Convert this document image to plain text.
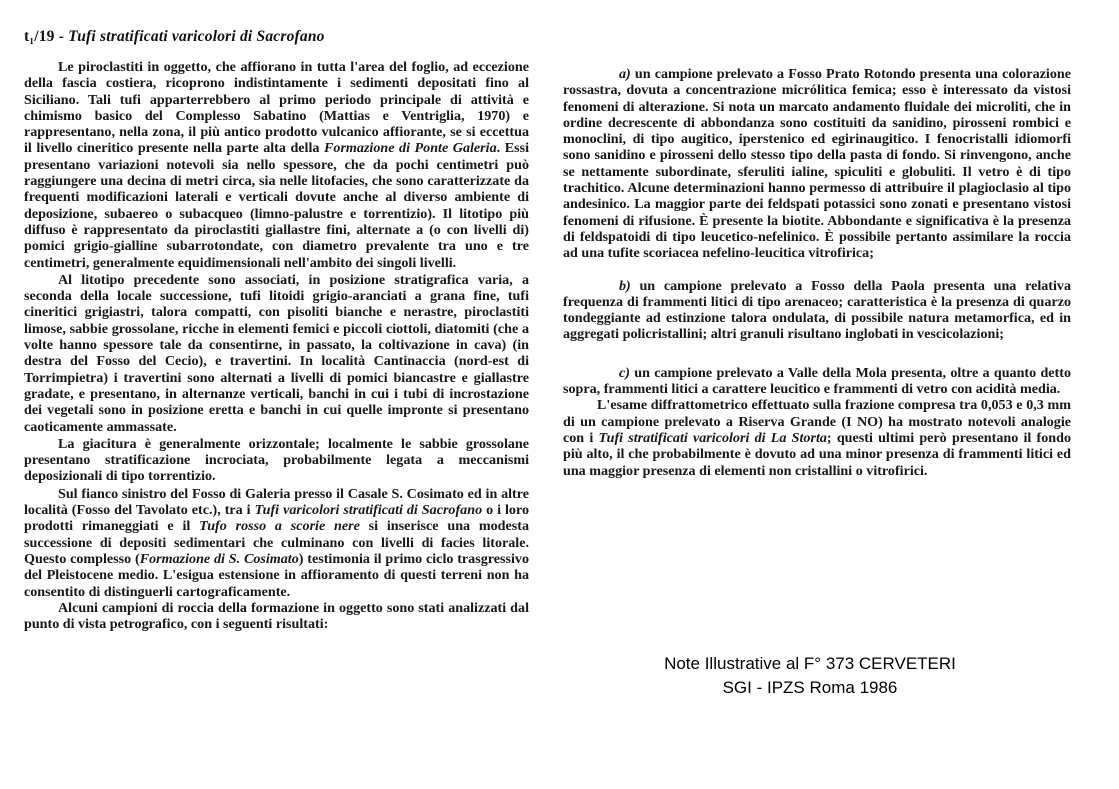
t₁/19 - Tufi stratificati varicolori di Sacrofano

Le piroclastiti in oggetto, che affiorano in tutta l'area del foglio, ad eccezione della fascia costiera, ricoprono indistintamente i sedimenti depositati fino al Siciliano. Tali tufi apparterrebbero al primo periodo principale di attività e chimismo basico del Complesso Sabatino (Mattias e Ventriglia, 1970) e rappresentano, nella zona, il più antico prodotto vulcanico affiorante, se si eccettua il livello cineritico presente nella parte alta della Formazione di Ponte Galeria. Essi presentano variazioni notevoli sia nello spessore, che da pochi centimetri può raggiungere una decina di metri circa, sia nelle litofacies, che sono caratterizzate da frequenti modificazioni laterali e verticali dovute anche al diverso ambiente di deposizione, subaereo o subacqueo (limno-palustre e torrentizio). Il litotipo più diffuso è rappresentato da piroclastiti giallastre fini, alternate a (o con livelli di) pomici grigio-gialline subarrotondate, con diametro prevalente tra uno e tre centimetri, generalmente equidimensionali nell'ambito dei singoli livelli.

Al litotipo precedente sono associati, in posizione stratigrafica varia, a seconda della locale successione, tufi litoidi grigio-aranciati a grana fine, tufi cineritici grigiastri, talora compatti, con pisoliti bianche e nerastre, piroclastiti limose, sabbie grossolane, ricche in elementi femici e piccoli ciottoli, diatomiti (che a volte hanno spessore tale da consentirne, in passato, la coltivazione in cava) (in destra del Fosso del Cecio), e travertini. In località Cantinaccia (nord-est di Torrimpietra) i travertini sono alternati a livelli di pomici biancastre e giallastre gradate, e presentano, in alternanze verticali, banchi in cui i tubi di incrostazione dei vegetali sono in posizione eretta e banchi in cui quelle impronte si presentano caoticamente ammassate.

La giacitura è generalmente orizzontale; localmente le sabbie grossolane presentano stratificazione incrociata, probabilmente legata a meccanismi deposizionali di tipo torrentizio.

Sul fianco sinistro del Fosso di Galeria presso il Casale S. Cosimato ed in altre località (Fosso del Tavolato etc.), tra i Tufi varicolori stratificati di Sacrofano o i loro prodotti rimaneggiati e il Tufo rosso a scorie nere si inserisce una modesta successione di depositi sedimentari che culminano con livelli di facies litorale. Questo complesso (Formazione di S. Cosimato) testimonia il primo ciclo trasgressivo del Pleistocene medio. L'esigua estensione in affioramento di questi terreni non ha consentito di distinguerli cartograficamente.

Alcuni campioni di roccia della formazione in oggetto sono stati analizzati dal punto di vista petrografico, con i seguenti risultati:

a) un campione prelevato a Fosso Prato Rotondo presenta una colorazione rossastra, dovuta a concentrazione micrólitica femica; esso è interessato da vistosi fenomeni di alterazione. Si nota un marcato andamento fluidale dei microliti, che in ordine decrescente di abbondanza sono costituiti da sanidino, pirosseni rombici e monoclini, di tipo augitico, iperstenico ed egirinaugitico. I fenocristalli idiomorfi sono sanidino e pirosseni dello stesso tipo della pasta di fondo. Si rinvengono, anche se nettamente subordinate, sferuliti ialine, spiculiti e globuliti. Il vetro è di tipo trachitico. Alcune determinazioni hanno permesso di attribuire il plagioclasio al tipo andesinico. La maggior parte dei feldspati potassici sono zonati e presentano vistosi fenomeni di rifusione. È presente la biotite. Abbondante e significativa è la presenza di feldspatoidi di tipo leucetico-nefelinico. È possibile pertanto assimilare la roccia ad una tufite scoriacea nefelino-leucitica vitrofirica;

b) un campione prelevato a Fosso della Paola presenta una relativa frequenza di frammenti litici di tipo arenaceo; caratteristica è la presenza di quarzo tondeggiante ad estinzione talora ondulata, di possibile natura metamorfica, ed in aggregati policristallini; altri granuli risultano inglobati in vescicolazioni;

c) un campione prelevato a Valle della Mola presenta, oltre a quanto detto sopra, frammenti litici a carattere leucitico e frammenti di vetro con acidità media.

L'esame diffrattometrico effettuato sulla frazione compresa tra 0,053 e 0,3 mm di un campione prelevato a Riserva Grande (I NO) ha mostrato notevoli analogie con i Tufi stratificati varicolori di La Storta; questi ultimi però presentano il fondo più alto, il che probabilmente è dovuto ad una minor presenza di frammenti litici ed una maggior presenza di elementi non cristallini o vitrofirici.

Note Illustrative al F° 373 CERVETERI
SGI - IPZS Roma 1986
